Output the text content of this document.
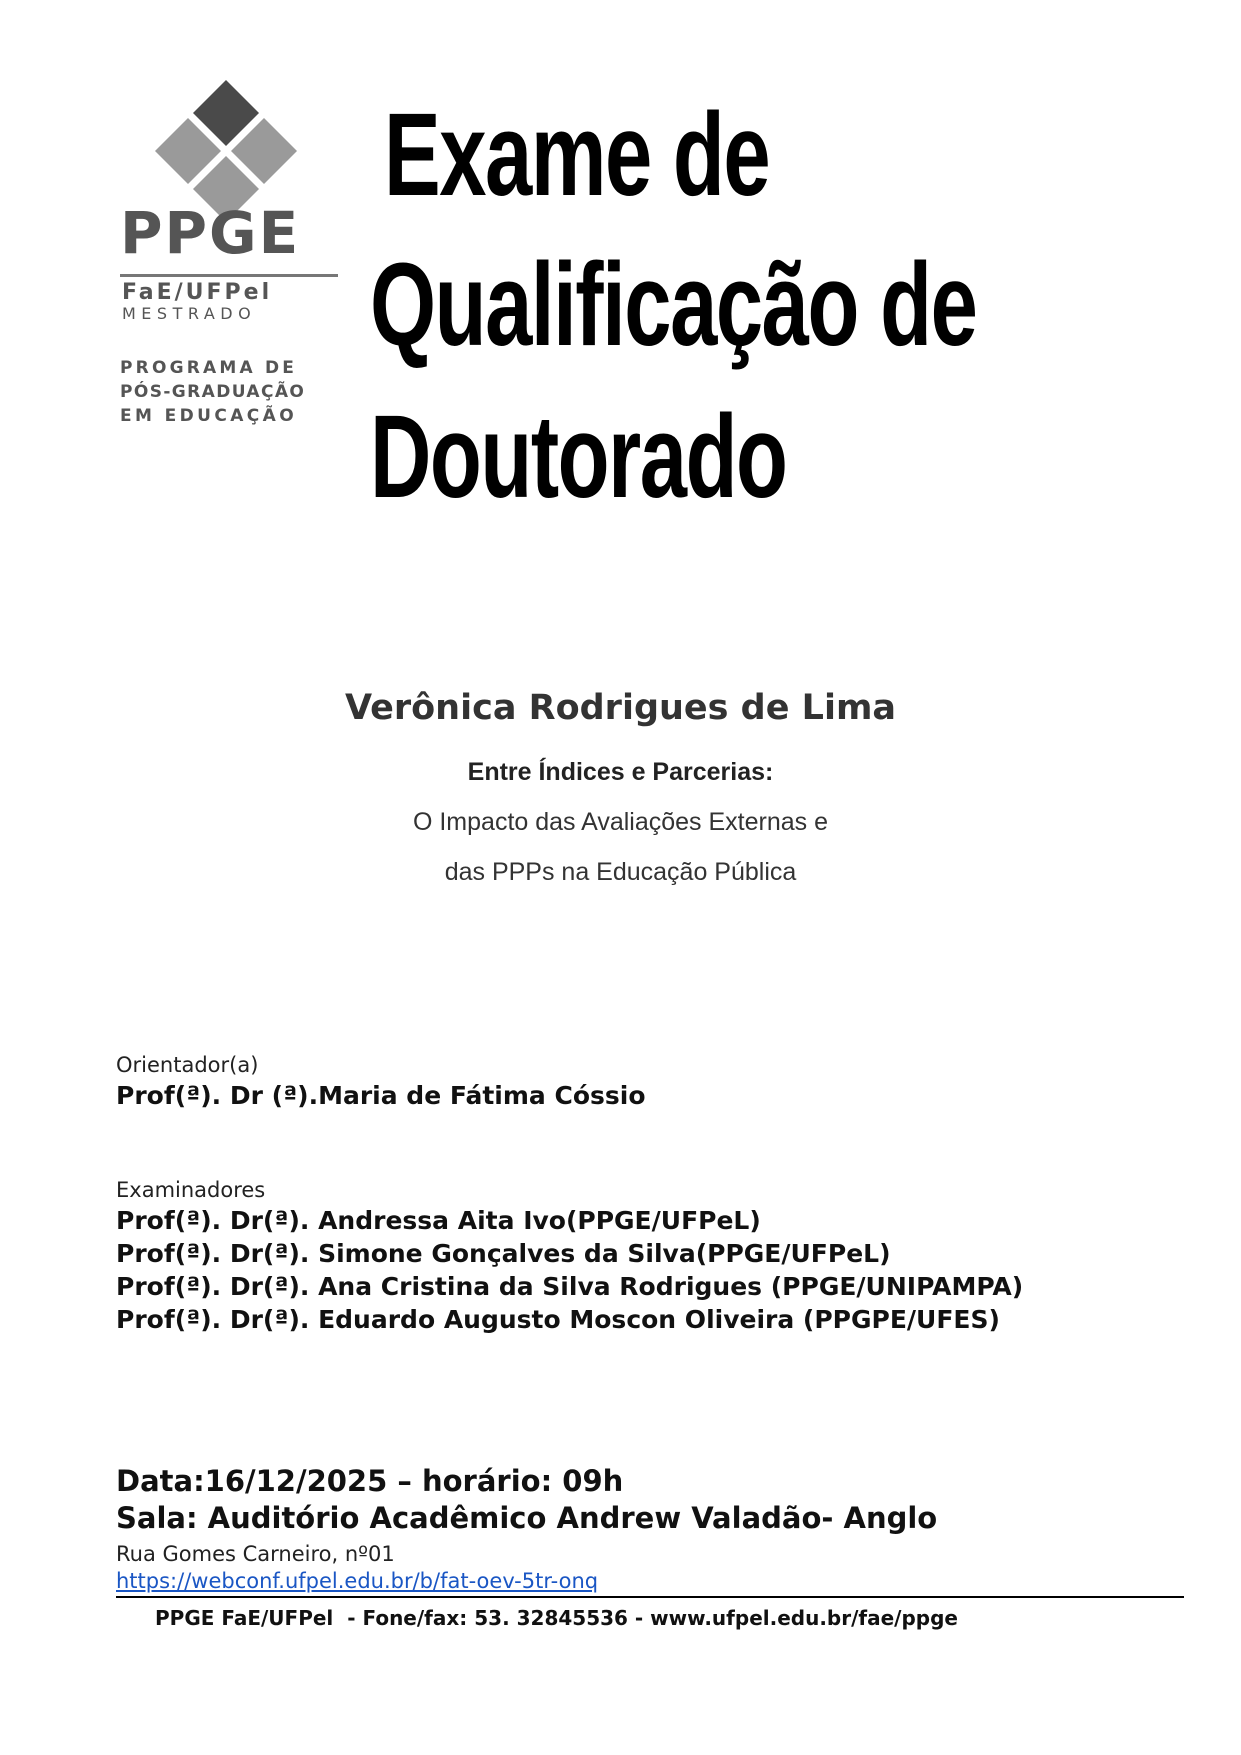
PPGE
FaE/UFPel
MESTRADO
PROGRAMA DE
PÓS-GRADUAÇÃO
EM EDUCAÇÃO
Exame de
Qualificação de
Doutorado
Verônica Rodrigues de Lima
Entre Índices e Parcerias:
O Impacto das Avaliações Externas e
das PPPs na Educação Pública
Orientador(a)
Prof(ª). Dr (ª).Maria de Fátima Cóssio
Examinadores
Prof(ª). Dr(ª). Andressa Aita Ivo(PPGE/UFPeL)
Prof(ª). Dr(ª). Simone Gonçalves da Silva(PPGE/UFPeL)
Prof(ª). Dr(ª). Ana Cristina da Silva Rodrigues (PPGE/UNIPAMPA)
Prof(ª). Dr(ª). Eduardo Augusto Moscon Oliveira (PPGPE/UFES)
Data:16/12/2025 – horário: 09h
Sala: Auditório Acadêmico Andrew Valadão- Anglo
Rua Gomes Carneiro, nº01
https://webconf.ufpel.edu.br/b/fat-oev-5tr-onq
PPGE FaE/UFPel  - Fone/fax: 53. 32845536 - www.ufpel.edu.br/fae/ppge
